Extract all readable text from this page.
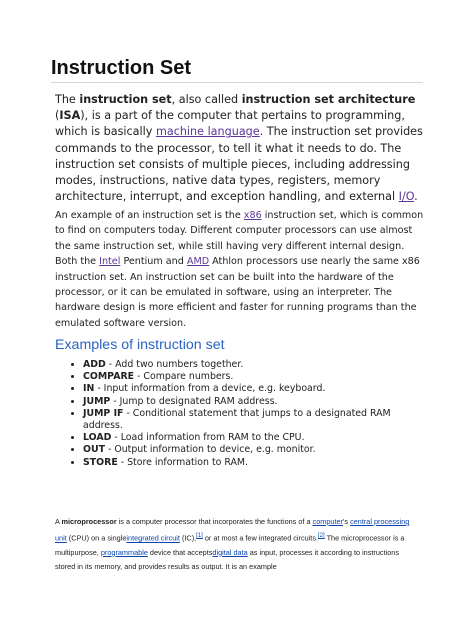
Instruction Set

The instruction set, also called instruction set architecture (ISA), is a part of the computer that pertains to programming, which is basically machine language. The instruction set provides commands to the processor, to tell it what it needs to do. The instruction set consists of multiple pieces, including addressing modes, instructions, native data types, registers, memory architecture, interrupt, and exception handling, and external I/O.

An example of an instruction set is the x86 instruction set, which is common to find on computers today. Different computer processors can use almost the same instruction set, while still having very different internal design. Both the Intel Pentium and AMD Athlon processors use nearly the same x86 instruction set. An instruction set can be built into the hardware of the processor, or it can be emulated in software, using an interpreter. The hardware design is more efficient and faster for running programs than the emulated software version.

Examples of instruction set
• ADD - Add two numbers together.
• COMPARE - Compare numbers.
• IN - Input information from a device, e.g. keyboard.
• JUMP - Jump to designated RAM address.
• JUMP IF - Conditional statement that jumps to a designated RAM address.
• LOAD - Load information from RAM to the CPU.
• OUT - Output information to device, e.g. monitor.
• STORE - Store information to RAM.

A microprocessor is a computer processor that incorporates the functions of a computer's central processing unit (CPU) on a singleintegrated circuit (IC),[1] or at most a few integrated circuits.[2] The microprocessor is a multipurpose, programmable device that acceptsdigital data as input, processes it according to instructions stored in its memory, and provides results as output. It is an example
